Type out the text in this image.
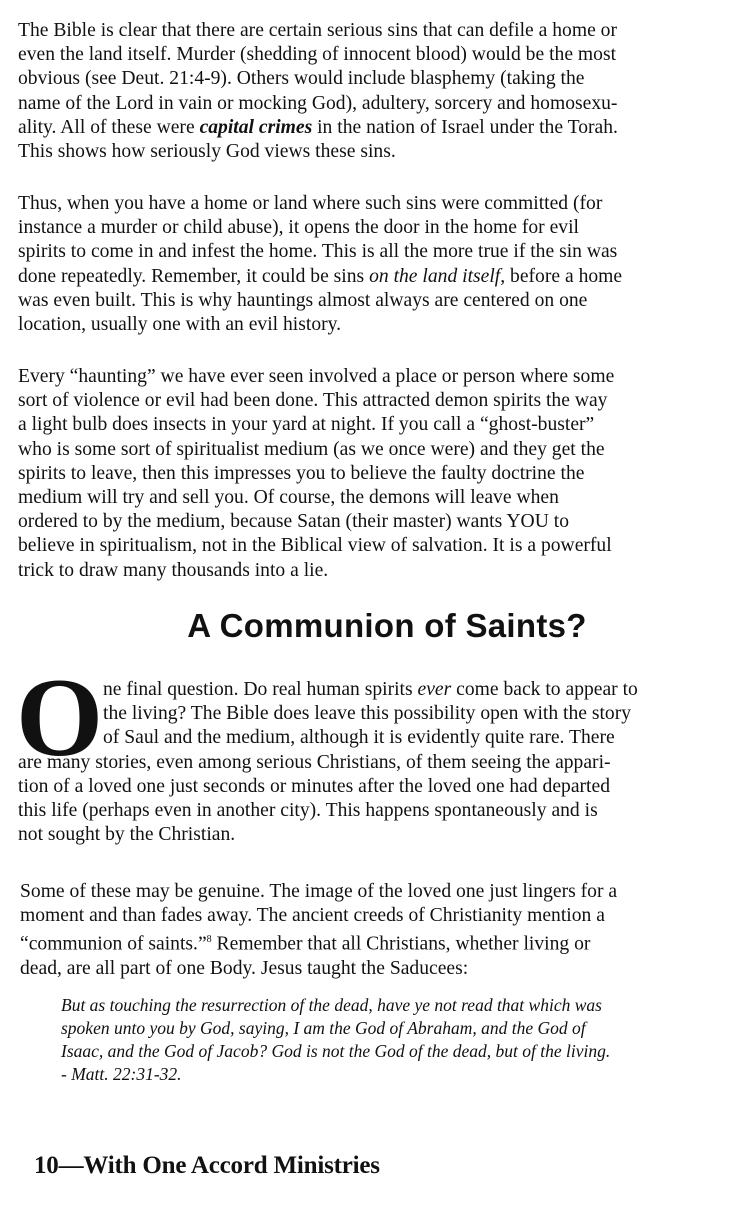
The Bible is clear that there are certain serious sins that can defile a home or
even the land itself. Murder (shedding of innocent blood) would be the most
obvious (see Deut. 21:4-9). Others would include blasphemy (taking the
name of the Lord in vain or mocking God), adultery, sorcery and homosexu-
ality. All of these were capital crimes in the nation of Israel under the Torah.
This shows how seriously God views these sins.
Thus, when you have a home or land where such sins were committed (for
instance a murder or child abuse), it opens the door in the home for evil
spirits to come in and infest the home. This is all the more true if the sin was
done repeatedly. Remember, it could be sins on the land itself, before a home
was even built. This is why hauntings almost always are centered on one
location, usually one with an evil history.
Every “haunting” we have ever seen involved a place or person where some
sort of violence or evil had been done. This attracted demon spirits the way
a light bulb does insects in your yard at night. If you call a “ghost-buster”
who is some sort of spiritualist medium (as we once were) and they get the
spirits to leave, then this impresses you to believe the faulty doctrine the
medium will try and sell you. Of course, the demons will leave when
ordered to by the medium, because Satan (their master) wants YOU to
believe in spiritualism, not in the Biblical view of salvation. It is a powerful
trick to draw many thousands into a lie.
A Communion of Saints?
O ne final question. Do real human spirits ever come back to appear to
the living? The Bible does leave this possibility open with the story
of Saul and the medium, although it is evidently quite rare. There
are many stories, even among serious Christians, of them seeing the appari-
tion of a loved one just seconds or minutes after the loved one had departed
this life (perhaps even in another city). This happens spontaneously and is
not sought by the Christian.
Some of these may be genuine. The image of the loved one just lingers for a
moment and than fades away. The ancient creeds of Christianity mention a
“communion of saints.”$^8$ Remember that all Christians, whether living or
dead, are all part of one Body. Jesus taught the Saducees:
But as touching the resurrection of the dead, have ye not read that which was
spoken unto you by God, saying, I am the God of Abraham, and the God of
Isaac, and the God of Jacob? God is not the God of the dead, but of the living.
- Matt. 22:31-32.
10—With One Accord Ministries
